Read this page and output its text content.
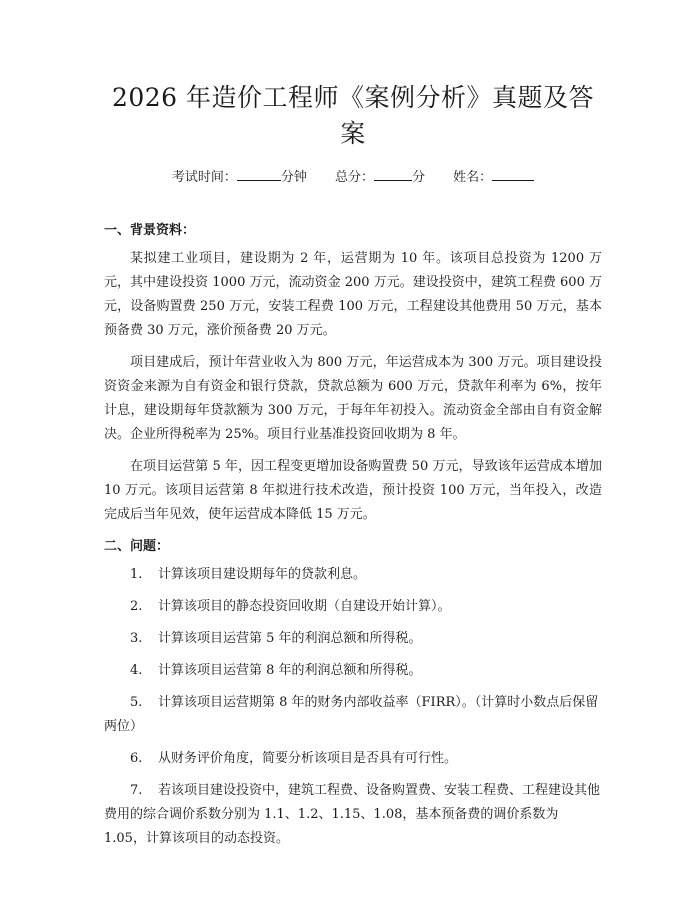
2026 年造价工程师《案例分析》真题及答案
考试时间：	分钟 总分：	分 姓名：
一、背景资料：

某拟建工业项目，建设期为 2 年，运营期为 10 年。该项目总投资为 1200 万元，其中建设投资 1000 万元，流动资金 200 万元。建设投资中，建筑工程费 600 万元，设备购置费 250 万元，安装工程费 100 万元，工程建设其他费用 50 万元，基本预备费 30 万元，涨价预备费 20 万元。

项目建成后，预计年营业收入为 800 万元，年运营成本为 300 万元。项目建设投资资金来源为自有资金和银行贷款，贷款总额为 600 万元，贷款年利率为 6%，按年计息，建设期每年贷款额为 300 万元，于每年年初投入。流动资金全部由自有资金解决。企业所得税率为 25%。项目行业基准投资回收期为 8 年。

在项目运营第 5 年，因工程变更增加设备购置费 50 万元，导致该年运营成本增加 10 万元。该项目运营第 8 年拟进行技术改造，预计投资 100 万元，当年投入，改造完成后当年见效，使年运营成本降低 15 万元。

二、问题：

1. 计算该项目建设期每年的贷款利息。

2. 计算该项目的静态投资回收期（自建设开始计算）。

3. 计算该项目运营第 5 年的利润总额和所得税。

4. 计算该项目运营第 8 年的利润总额和所得税。

5. 计算该项目运营期第 8 年的财务内部收益率（FIRR）。（计算时小数点后保留两位）

6. 从财务评价角度，简要分析该项目是否具有可行性。

7. 若该项目建设投资中，建筑工程费、设备购置费、安装工程费、工程建设其他费用的综合调价系数分别为 1.1、1.2、1.15、1.08，基本预备费的调价系数为 1.05，计算该项目的动态投资。
